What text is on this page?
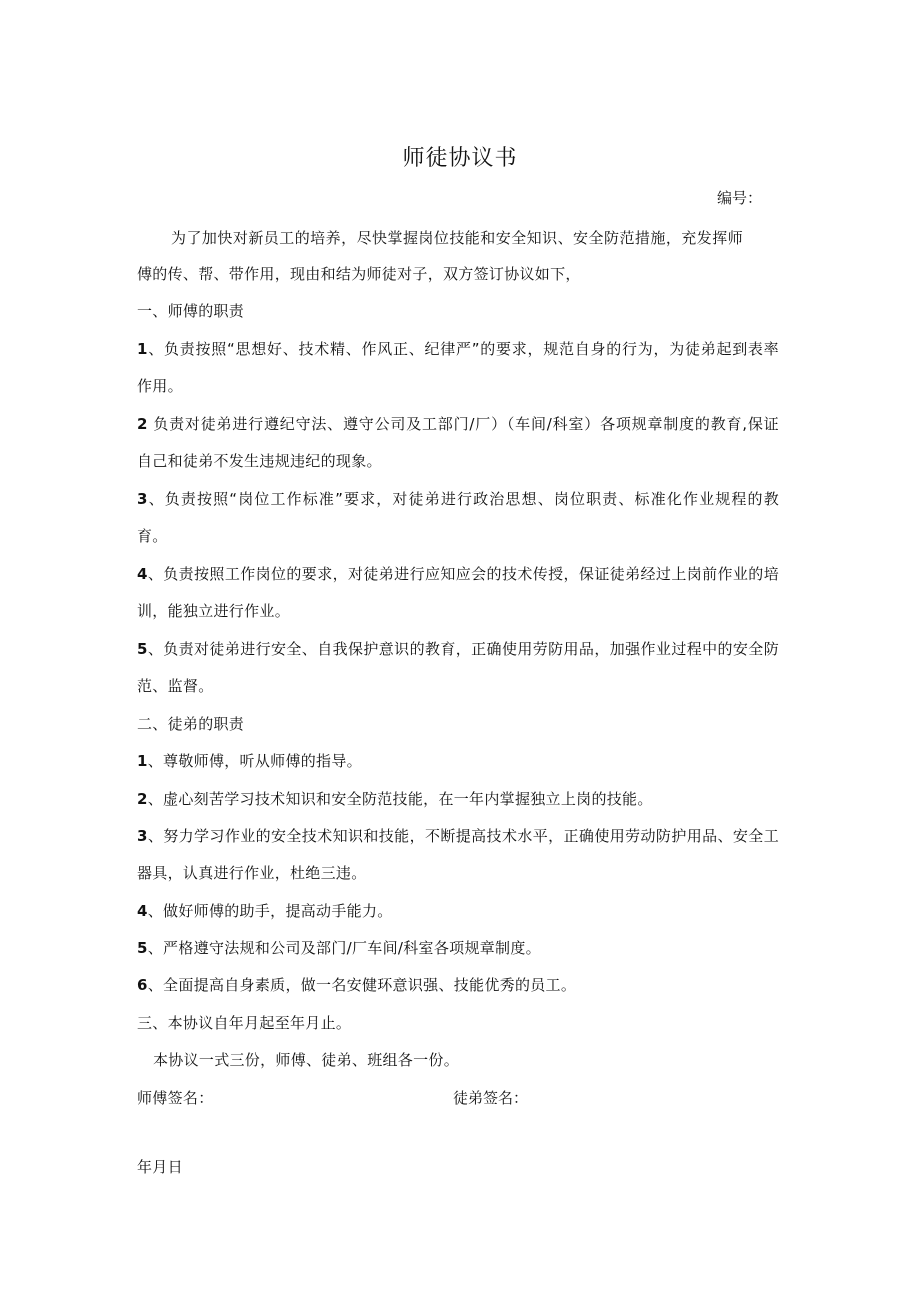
师徒协议书
编号：
为了加快对新员工的培养，尽快掌握岗位技能和安全知识、安全防范措施，充发挥师
傅的传、帮、带作用，现由和结为师徒对子，双方签订协议如下，
一、师傅的职责
1、负责按照“思想好、技术精、作风正、纪律严”的要求，规范自身的行为，为徒弟起到表率
作用。
2 负责对徒弟进行遵纪守法、遵守公司及工部门/厂）（车间/科室）各项规章制度的教育,保证
自己和徒弟不发生违规违纪的现象。
3、负责按照“岗位工作标准”要求，对徒弟进行政治思想、岗位职责、标准化作业规程的教
育。
4、负责按照工作岗位的要求，对徒弟进行应知应会的技术传授，保证徒弟经过上岗前作业的培
训，能独立进行作业。
5、负责对徒弟进行安全、自我保护意识的教育，正确使用劳防用品，加强作业过程中的安全防
范、监督。
二、徒弟的职责
1、尊敬师傅，听从师傅的指导。
2、虚心刻苦学习技术知识和安全防范技能，在一年内掌握独立上岗的技能。
3、努力学习作业的安全技术知识和技能，不断提高技术水平，正确使用劳动防护用品、安全工
器具，认真进行作业，杜绝三违。
4、做好师傅的助手，提高动手能力。
5、严格遵守法规和公司及部门/厂车间/科室各项规章制度。
6、全面提高自身素质，做一名安健环意识强、技能优秀的员工。
三、本协议自年月起至年月止。
本协议一式三份，师傅、徒弟、班组各一份。
师傅签名：	徒弟签名：
年月日
